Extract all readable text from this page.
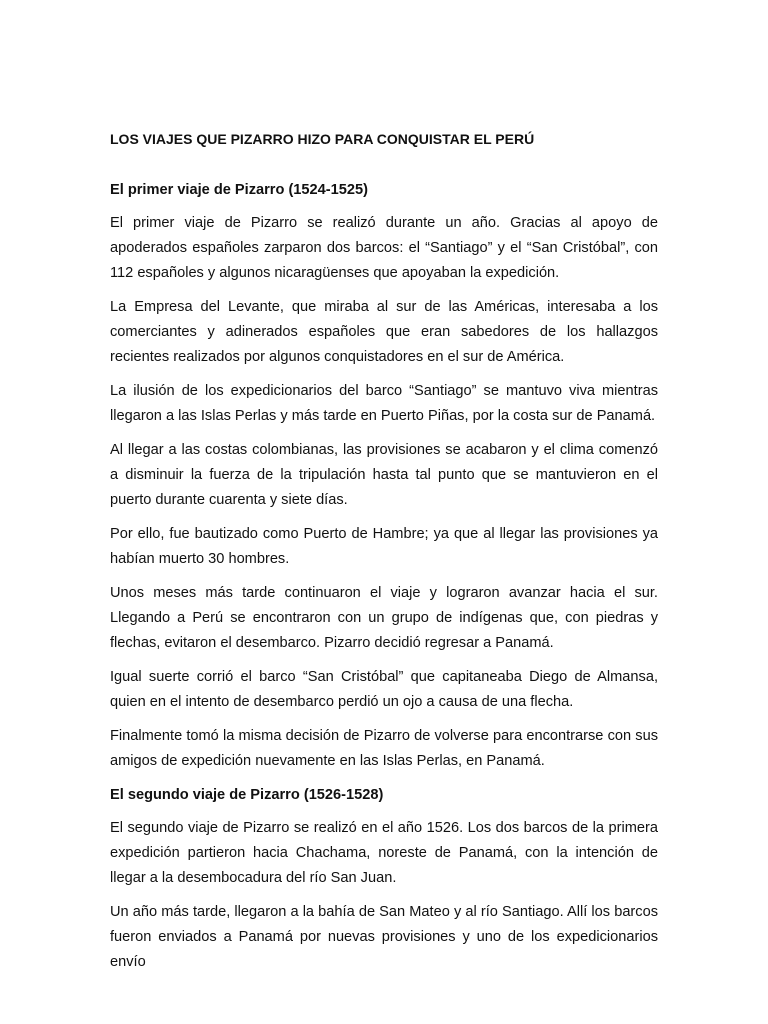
LOS VIAJES QUE PIZARRO HIZO PARA CONQUISTAR EL PERÚ
El primer viaje de Pizarro (1524-1525)

El primer viaje de Pizarro se realizó durante un año. Gracias al apoyo de apoderados españoles zarparon dos barcos: el “Santiago” y el “San Cristóbal”, con 112 españoles y algunos nicaragüenses que apoyaban la expedición.

La Empresa del Levante, que miraba al sur de las Américas, interesaba a los comerciantes y adinerados españoles que eran sabedores de los hallazgos recientes realizados por algunos conquistadores en el sur de América.

La ilusión de los expedicionarios del barco “Santiago” se mantuvo viva mientras llegaron a las Islas Perlas y más tarde en Puerto Piñas, por la costa sur de Panamá.

Al llegar a las costas colombianas, las provisiones se acabaron y el clima comenzó a disminuir la fuerza de la tripulación hasta tal punto que se mantuvieron en el puerto durante cuarenta y siete días.

Por ello, fue bautizado como Puerto de Hambre; ya que al llegar las provisiones ya habían muerto 30 hombres.

Unos meses más tarde continuaron el viaje y lograron avanzar hacia el sur. Llegando a Perú se encontraron con un grupo de indígenas que, con piedras y flechas, evitaron el desembarco. Pizarro decidió regresar a Panamá.

Igual suerte corrió el barco “San Cristóbal” que capitaneaba Diego de Almansa, quien en el intento de desembarco perdió un ojo a causa de una flecha.

Finalmente tomó la misma decisión de Pizarro de volverse para encontrarse con sus amigos de expedición nuevamente en las Islas Perlas, en Panamá.

El segundo viaje de Pizarro (1526-1528)

El segundo viaje de Pizarro se realizó en el año 1526. Los dos barcos de la primera expedición partieron hacia Chachama, noreste de Panamá, con la intención de llegar a la desembocadura del río San Juan.

Un año más tarde, llegaron a la bahía de San Mateo y al río Santiago. Allí los barcos fueron enviados a Panamá por nuevas provisiones y uno de los expedicionarios envío
